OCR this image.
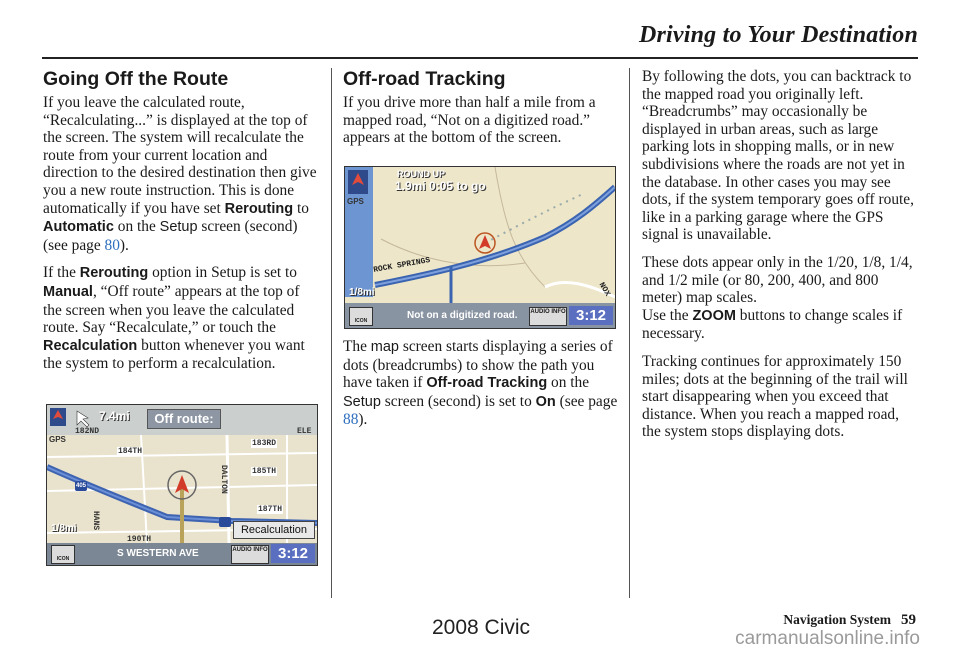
Driving to Your Destination
Going Off the Route

If you leave the calculated route, “Recalculating...” is displayed at the top of the screen. The system will recalculate the route from your current location and direction to the desired destination then give you a new route instruction. This is done automatically if you have set Rerouting to Automatic on the Setup screen (second) (see page 80).

If the Rerouting option in Setup is set to Manual, “Off route” appears at the top of the screen when you leave the calculated route. Say “Recalculate,” or touch the Recalculation button whenever you want the system to perform a recalculation.

7.4mi	Off route:
GPS
182ND	ELE
184TH
183RD
DALTON	185TH
187TH
190TH
HANS
405
1/8mi	Recalculation
ICON	S WESTERN AVE	AUDIO INFO 3:12
Off-road Tracking

If you drive more than half a mile from a mapped road, “Not on a digitized road.” appears at the bottom of the screen.

ROUND UP
1.9mi 0:05 to go
GPS
ROCK SPRINGS
NOX
1/8mi
ICON	Not on a digitized road. AUDIO INFO 3:12

The map screen starts displaying a series of dots (breadcrumbs) to show the path you have taken if Off-road Tracking on the Setup screen (second) is set to On (see page 88).

By following the dots, you can backtrack to the mapped road you originally left. “Breadcrumbs” may occasionally be displayed in urban areas, such as large parking lots in shopping malls, or in new subdivisions where the roads are not yet in the database. In other cases you may see dots, if the system temporary goes off route, like in a parking garage where the GPS signal is unavailable.

These dots appear only in the 1/20, 1/8, 1/4, and 1/2 mile (or 80, 200, 400, and 800 meter) map scales.

Use the ZOOM buttons to change scales if necessary.

Tracking continues for approximately 150 miles; dots at the beginning of the trail will start disappearing when you exceed that distance. When you reach a mapped road, the system stops displaying dots.

2008 Civic	Navigation System 59
carmanualsonline.info
